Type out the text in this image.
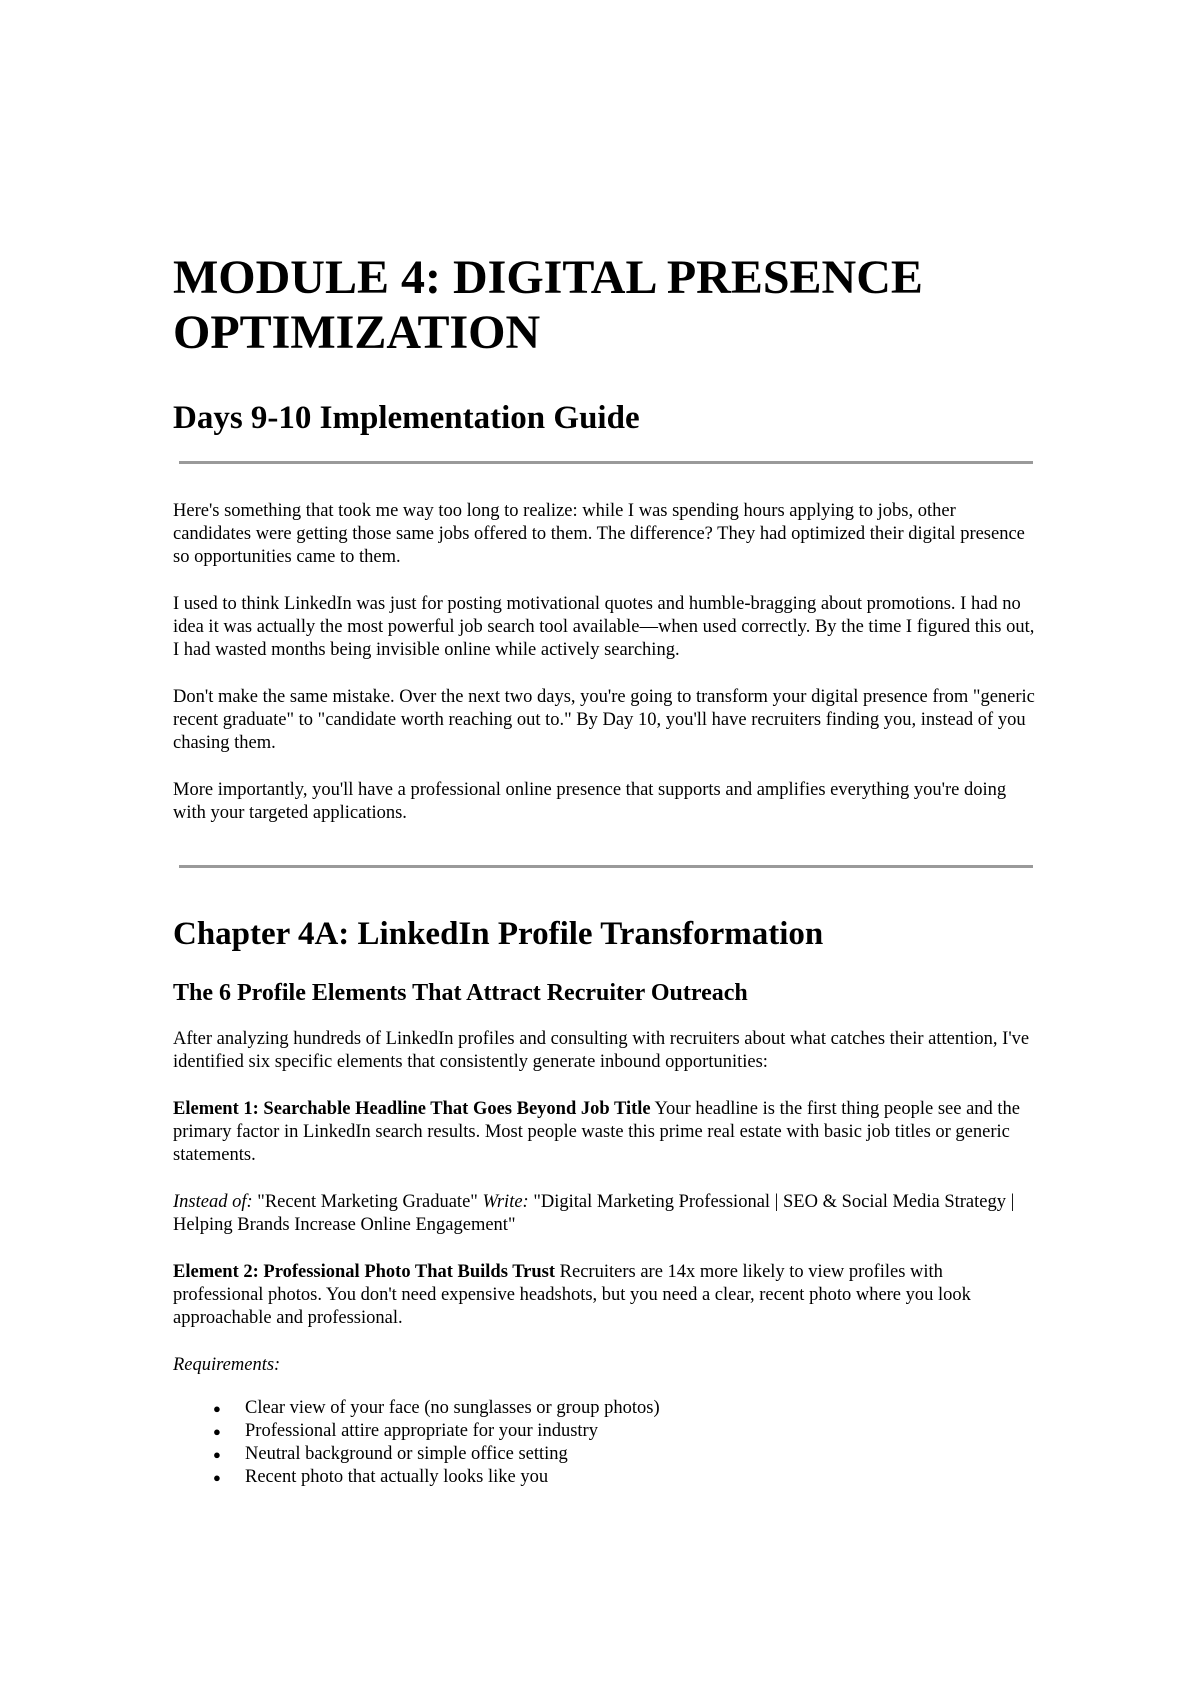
MODULE 4: DIGITAL PRESENCE OPTIMIZATION
Days 9-10 Implementation Guide

Here's something that took me way too long to realize: while I was spending hours applying to jobs, other candidates were getting those same jobs offered to them. The difference? They had optimized their digital presence so opportunities came to them.

I used to think LinkedIn was just for posting motivational quotes and humble-bragging about promotions. I had no idea it was actually the most powerful job search tool available—when used correctly. By the time I figured this out, I had wasted months being invisible online while actively searching.

Don't make the same mistake. Over the next two days, you're going to transform your digital presence from "generic recent graduate" to "candidate worth reaching out to." By Day 10, you'll have recruiters finding you, instead of you chasing them.

More importantly, you'll have a professional online presence that supports and amplifies everything you're doing with your targeted applications.

Chapter 4A: LinkedIn Profile Transformation
The 6 Profile Elements That Attract Recruiter Outreach

After analyzing hundreds of LinkedIn profiles and consulting with recruiters about what catches their attention, I've identified six specific elements that consistently generate inbound opportunities:

Element 1: Searchable Headline That Goes Beyond Job Title Your headline is the first thing people see and the primary factor in LinkedIn search results. Most people waste this prime real estate with basic job titles or generic statements.

Instead of: "Recent Marketing Graduate" Write: "Digital Marketing Professional | SEO & Social Media Strategy | Helping Brands Increase Online Engagement"

Element 2: Professional Photo That Builds Trust Recruiters are 14x more likely to view profiles with professional photos. You don't need expensive headshots, but you need a clear, recent photo where you look approachable and professional.

Requirements:

● Clear view of your face (no sunglasses or group photos)
● Professional attire appropriate for your industry
● Neutral background or simple office setting
● Recent photo that actually looks like you
